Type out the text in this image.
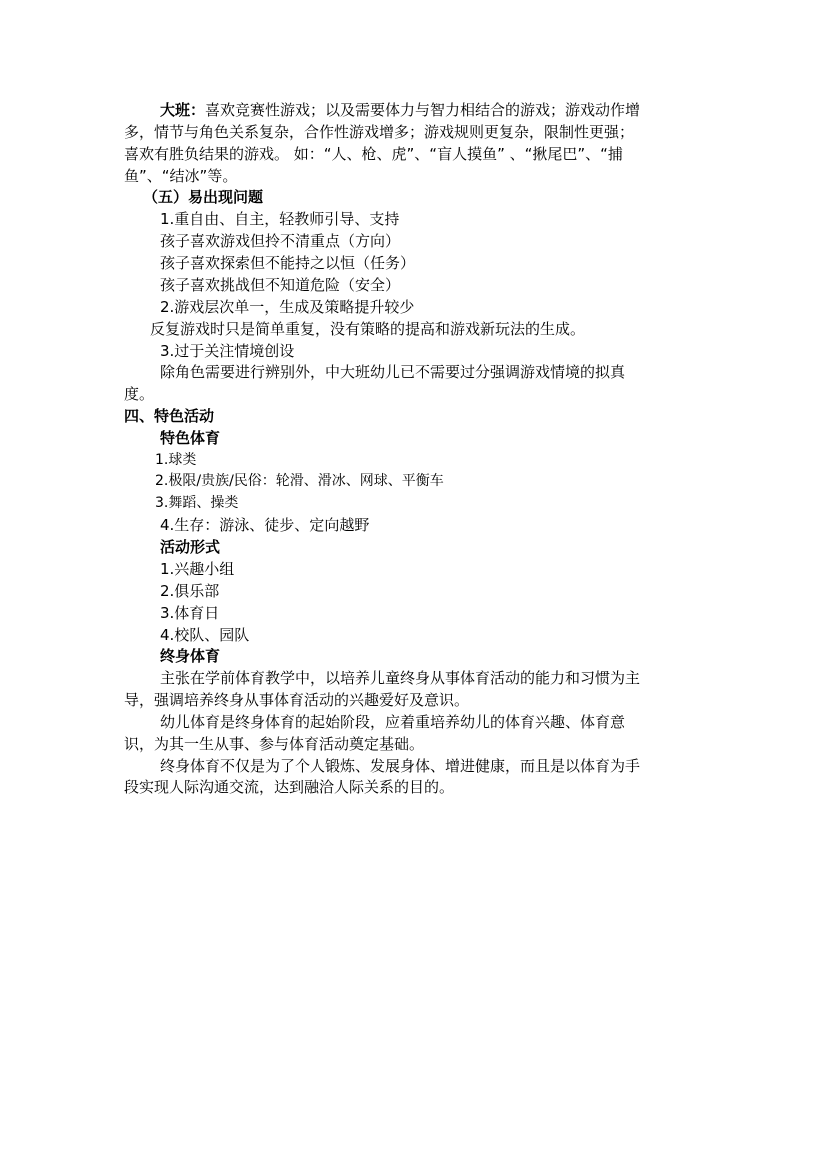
大班：喜欢竞赛性游戏；以及需要体力与智力相结合的游戏；游戏动作增
多，情节与角色关系复杂，合作性游戏增多；游戏规则更复杂，限制性更强；
喜欢有胜负结果的游戏。 如：“人、枪、虎”、“盲人摸鱼” 、“揪尾巴”、“捕
鱼”、“结冰”等。
（五）易出现问题
1.重自由、自主，轻教师引导、支持
孩子喜欢游戏但拎不清重点（方向）
孩子喜欢探索但不能持之以恒（任务）
孩子喜欢挑战但不知道危险（安全）
2.游戏层次单一，生成及策略提升较少
反复游戏时只是简单重复，没有策略的提高和游戏新玩法的生成。
3.过于关注情境创设
除角色需要进行辨别外，中大班幼儿已不需要过分强调游戏情境的拟真
度。
四、特色活动
特色体育
1.球类
2.极限/贵族/民俗：轮滑、滑冰、网球、平衡车
3.舞蹈、操类
4.生存：游泳、徒步、定向越野
活动形式
1.兴趣小组
2.俱乐部
3.体育日
4.校队、园队
终身体育
主张在学前体育教学中，以培养儿童终身从事体育活动的能力和习惯为主
导，强调培养终身从事体育活动的兴趣爱好及意识。
幼儿体育是终身体育的起始阶段，应着重培养幼儿的体育兴趣、体育意
识，为其一生从事、参与体育活动奠定基础。
终身体育不仅是为了个人锻炼、发展身体、增进健康，而且是以体育为手
段实现人际沟通交流，达到融洽人际关系的目的。
